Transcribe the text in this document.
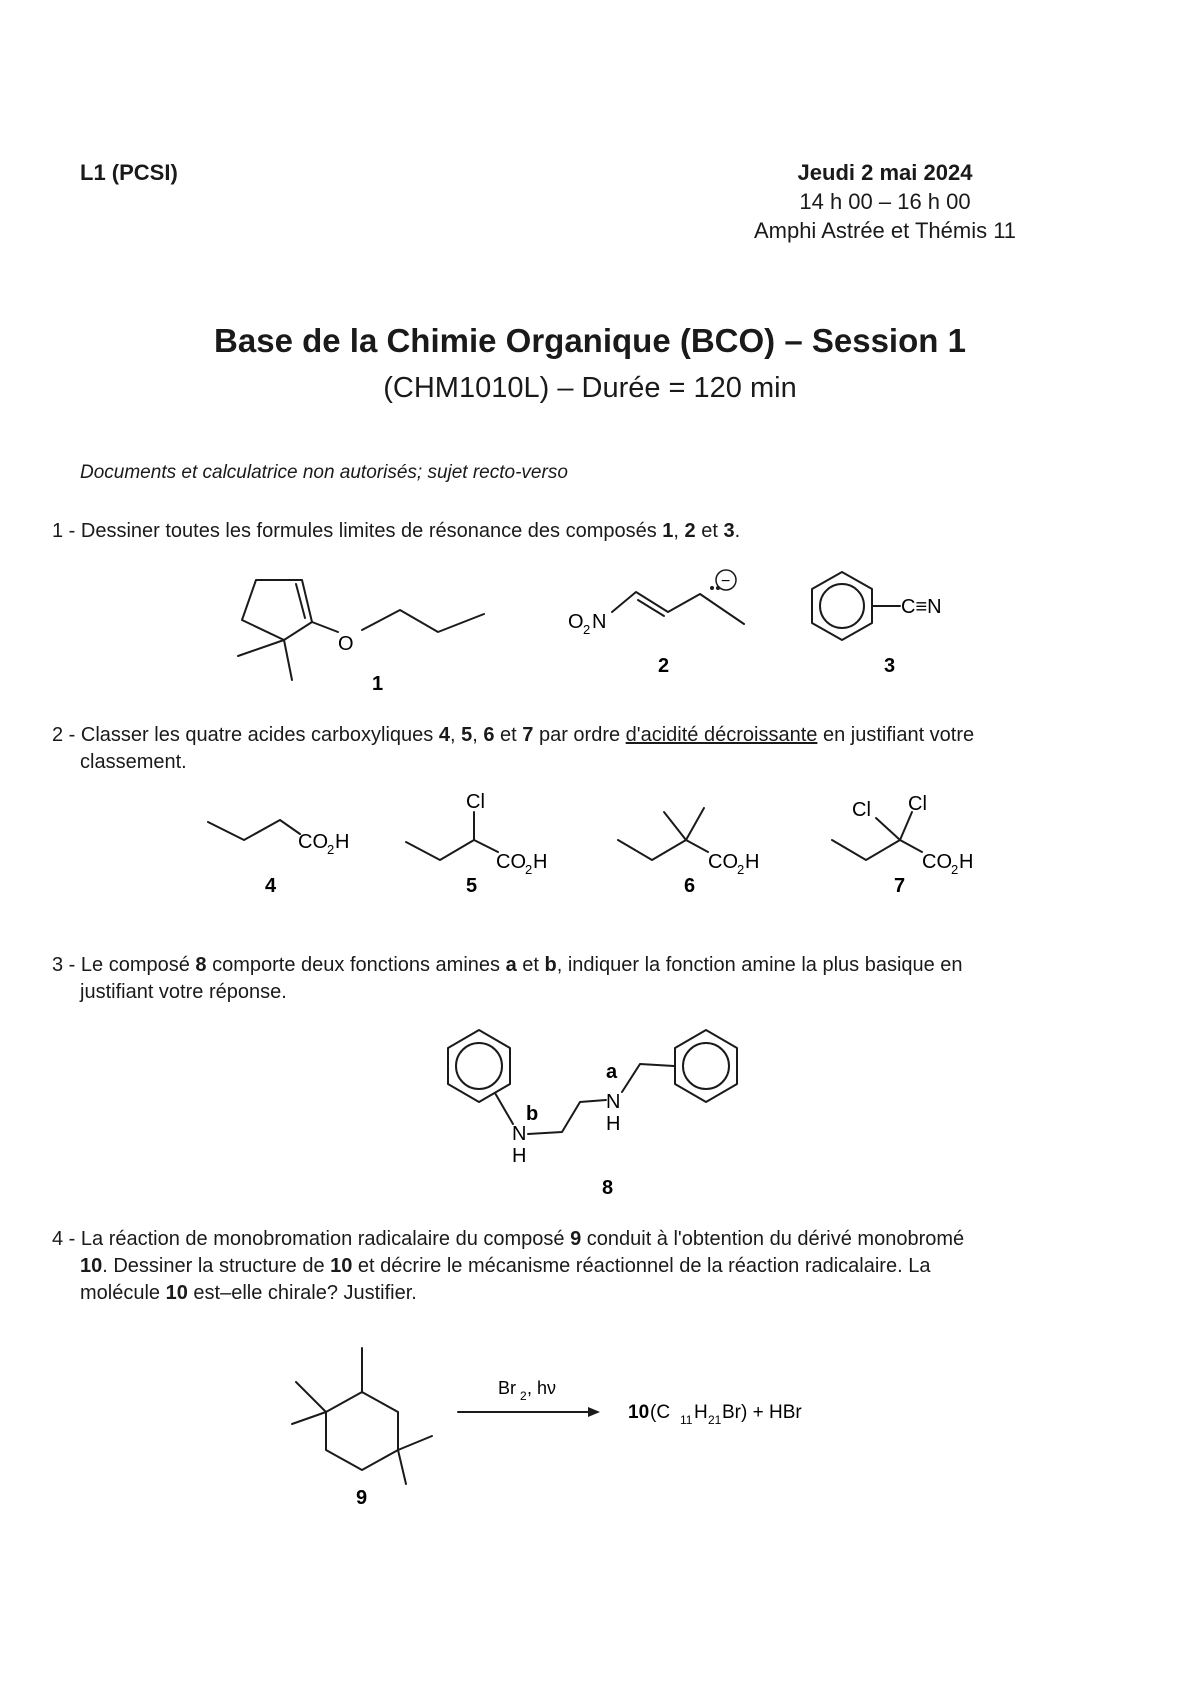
L1 (PCSI)	Jeudi 2 mai 2024
14 h 00 – 16 h 00
Amphi Astrée et Thémis 11
Base de la Chimie Organique (BCO) – Session 1
(CHM1010L) – Durée = 120 min
Documents et calculatrice non autorisés; sujet recto-verso
1 - Dessiner toutes les formules limites de résonance des composés 1, 2 et 3.
O
1
O 2 N
−
2
C≡N
3
CO 2 H
4
Cl
CO 2 H
5
CO 2 H
6
Cl Cl
CO 2 H
7
N
H
b
N
H
a
8
9
Br 2 , hν
10 (C 11 H 21 Br) + HBr
2 - Classer les quatre acides carboxyliques 4, 5, 6 et 7 par ordre d'acidité décroissante en justifiant votre
classement.
3 - Le composé 8 comporte deux fonctions amines a et b, indiquer la fonction amine la plus basique en
justifiant votre réponse.
4 - La réaction de monobromation radicalaire du composé 9 conduit à l'obtention du dérivé monobromé
10. Dessiner la structure de 10 et décrire le mécanisme réactionnel de la réaction radicalaire. La
molécule 10 est–elle chirale? Justifier.
